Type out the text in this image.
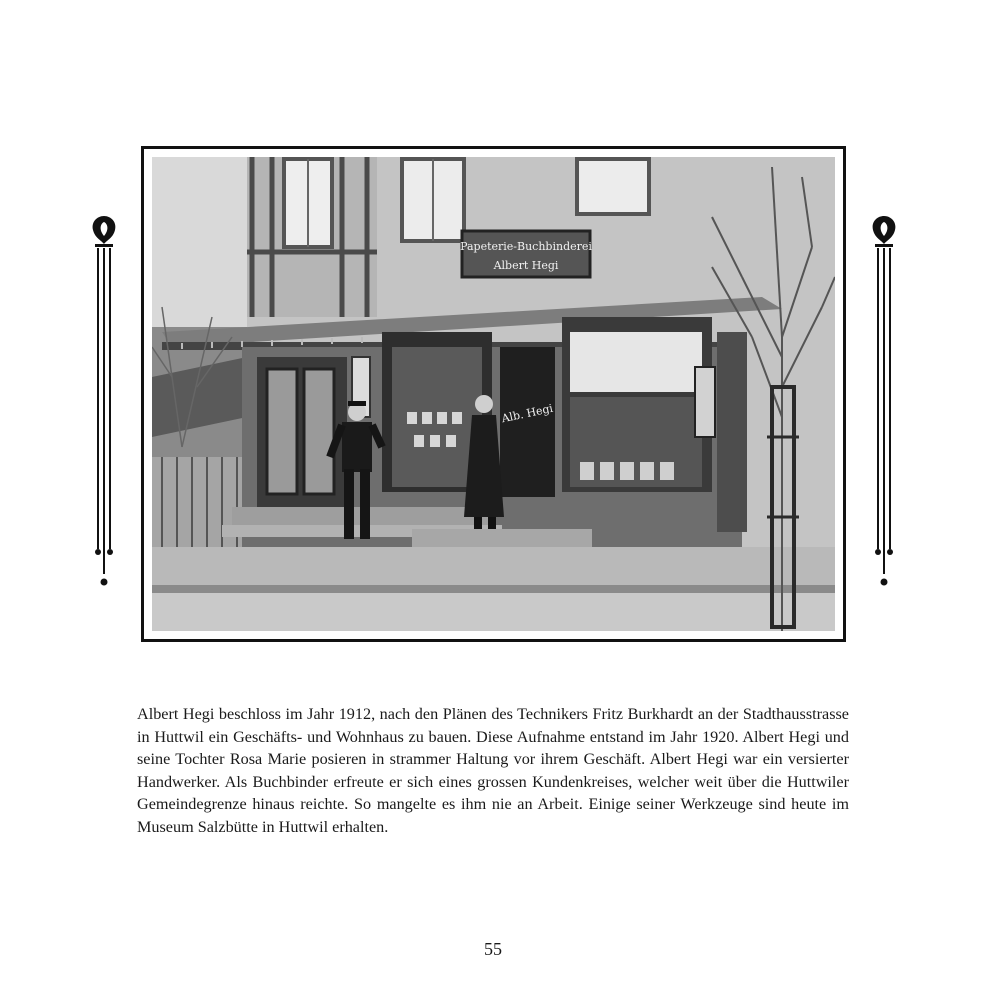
Papeterie-Buchbinderei
Albert Hegi
Alb. Hegi

Albert Hegi beschloss im Jahr 1912, nach den Plänen des Technikers Fritz Burkhardt an der Stadthausstrasse in Huttwil ein Geschäfts- und Wohnhaus zu bauen. Diese Aufnahme entstand im Jahr 1920. Albert Hegi und seine Tochter Rosa Marie posieren in strammer Haltung vor ihrem Geschäft. Albert Hegi war ein versierter Handwerker. Als Buchbinder erfreute er sich eines grossen Kundenkreises, welcher weit über die Huttwiler Gemeindegrenze hinaus reichte. So mangelte es ihm nie an Arbeit. Einige seiner Werkzeuge sind heute im Museum Salzbütte in Huttwil erhalten.

55
